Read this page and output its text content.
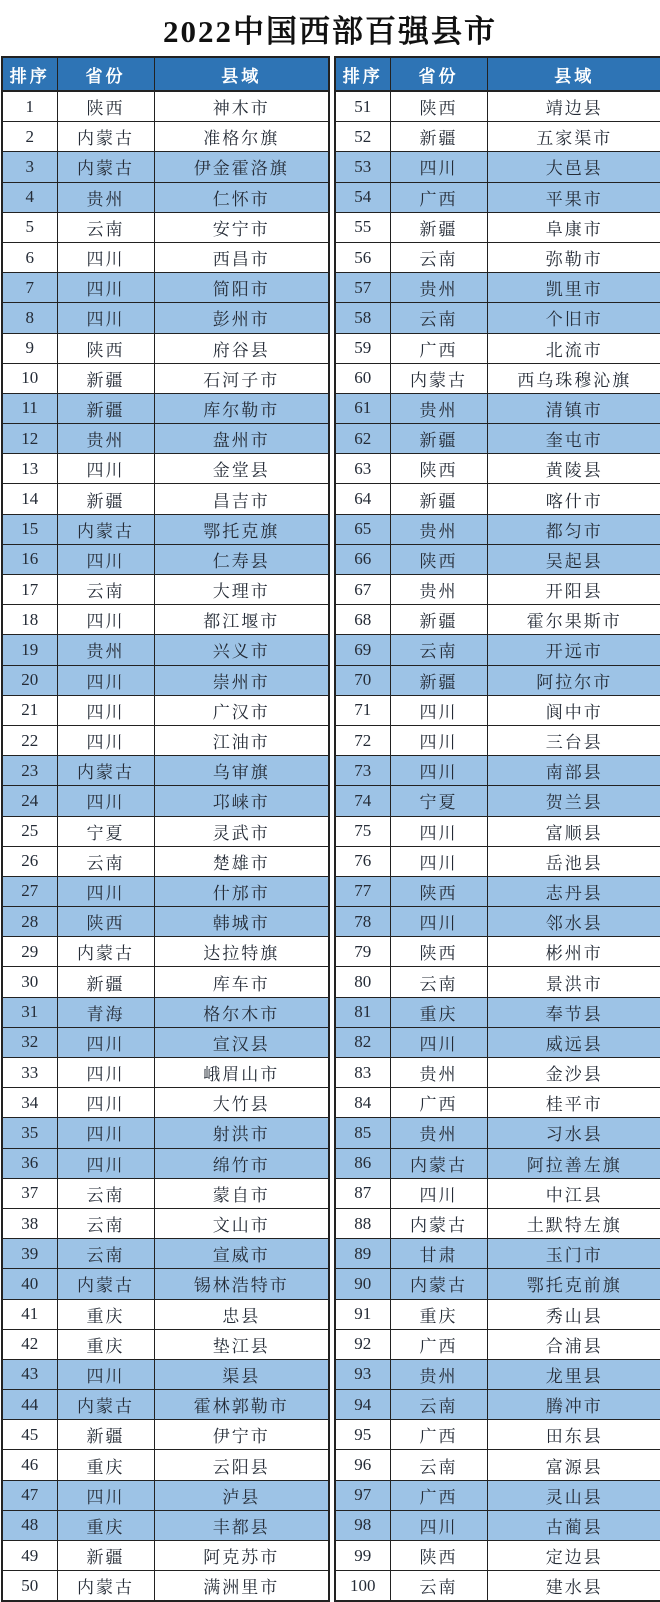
2022中国西部百强县市
排序	省份	县域
1	陕西	神木市
2	内蒙古	准格尔旗
3	内蒙古	伊金霍洛旗
4	贵州	仁怀市
5	云南	安宁市
6	四川	西昌市
7	四川	简阳市
8	四川	彭州市
9	陕西	府谷县
10	新疆	石河子市
11	新疆	库尔勒市
12	贵州	盘州市
13	四川	金堂县
14	新疆	昌吉市
15	内蒙古	鄂托克旗
16	四川	仁寿县
17	云南	大理市
18	四川	都江堰市
19	贵州	兴义市
20	四川	崇州市
21	四川	广汉市
22	四川	江油市
23	内蒙古	乌审旗
24	四川	邛崃市
25	宁夏	灵武市
26	云南	楚雄市
27	四川	什邡市
28	陕西	韩城市
29	内蒙古	达拉特旗
30	新疆	库车市
31	青海	格尔木市
32	四川	宣汉县
33	四川	峨眉山市
34	四川	大竹县
35	四川	射洪市
36	四川	绵竹市
37	云南	蒙自市
38	云南	文山市
39	云南	宣威市
40	内蒙古	锡林浩特市
41	重庆	忠县
42	重庆	垫江县
43	四川	渠县
44	内蒙古	霍林郭勒市
45	新疆	伊宁市
46	重庆	云阳县
47	四川	泸县
48	重庆	丰都县
49	新疆	阿克苏市
50	内蒙古	满洲里市
排序	省份	县域
51	陕西	靖边县
52	新疆	五家渠市
53	四川	大邑县
54	广西	平果市
55	新疆	阜康市
56	云南	弥勒市
57	贵州	凯里市
58	云南	个旧市
59	广西	北流市
60	内蒙古	西乌珠穆沁旗
61	贵州	清镇市
62	新疆	奎屯市
63	陕西	黄陵县
64	新疆	喀什市
65	贵州	都匀市
66	陕西	吴起县
67	贵州	开阳县
68	新疆	霍尔果斯市
69	云南	开远市
70	新疆	阿拉尔市
71	四川	阆中市
72	四川	三台县
73	四川	南部县
74	宁夏	贺兰县
75	四川	富顺县
76	四川	岳池县
77	陕西	志丹县
78	四川	邻水县
79	陕西	彬州市
80	云南	景洪市
81	重庆	奉节县
82	四川	威远县
83	贵州	金沙县
84	广西	桂平市
85	贵州	习水县
86	内蒙古	阿拉善左旗
87	四川	中江县
88	内蒙古	土默特左旗
89	甘肃	玉门市
90	内蒙古	鄂托克前旗
91	重庆	秀山县
92	广西	合浦县
93	贵州	龙里县
94	云南	腾冲市
95	广西	田东县
96	云南	富源县
97	广西	灵山县
98	四川	古蔺县
99	陕西	定边县
100	云南	建水县
